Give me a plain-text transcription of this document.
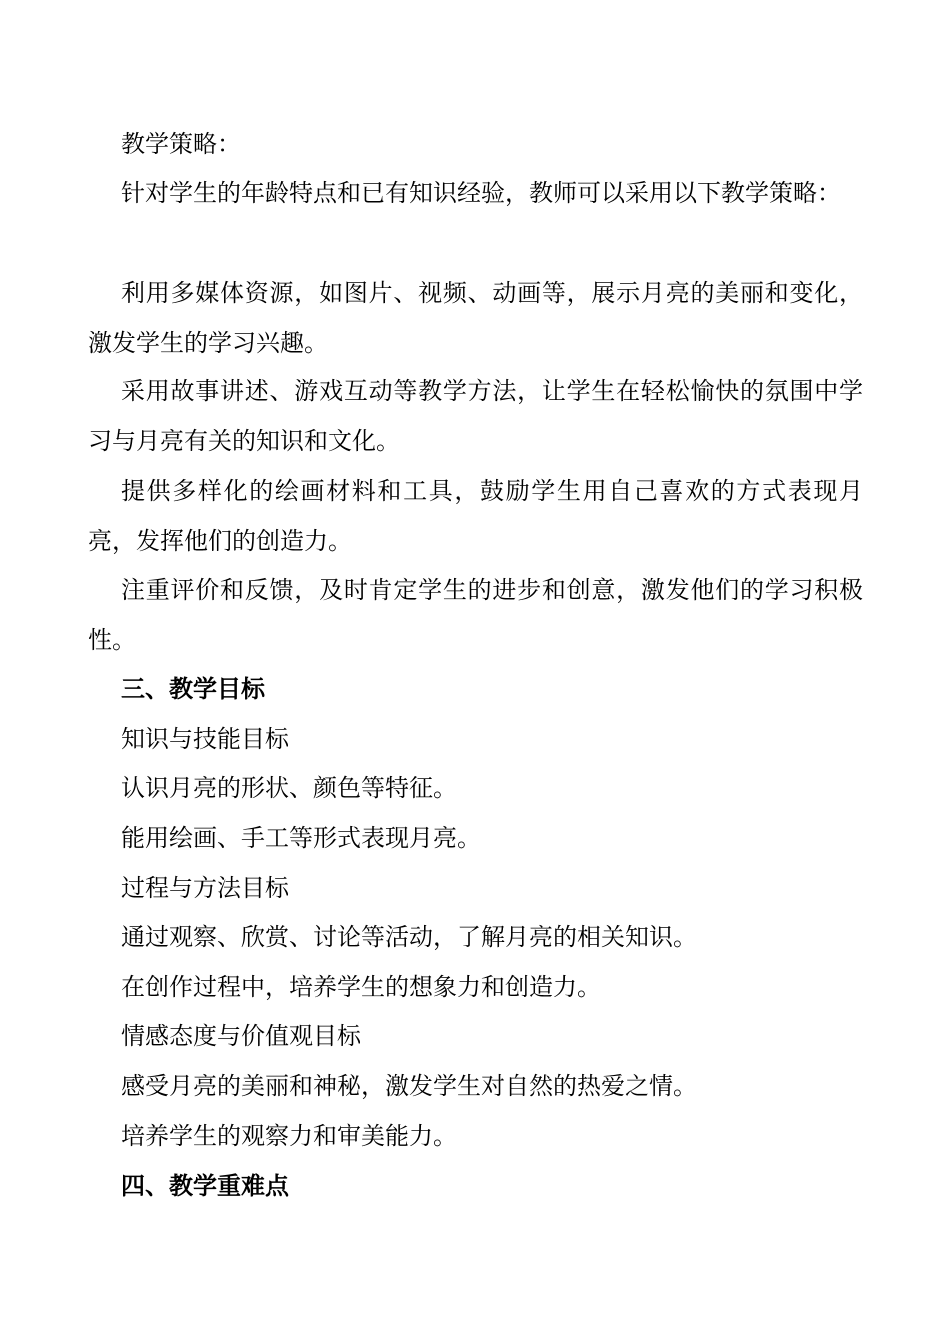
教学策略：

针对学生的年龄特点和已有知识经验，教师可以采用以下教学策略：

利用多媒体资源，如图片、视频、动画等，展示月亮的美丽和变化，激发学生的学习兴趣。

采用故事讲述、游戏互动等教学方法，让学生在轻松愉快的氛围中学习与月亮有关的知识和文化。

提供多样化的绘画材料和工具，鼓励学生用自己喜欢的方式表现月亮，发挥他们的创造力。

注重评价和反馈，及时肯定学生的进步和创意，激发他们的学习积极性。

三、教学目标

知识与技能目标

认识月亮的形状、颜色等特征。

能用绘画、手工等形式表现月亮。

过程与方法目标

通过观察、欣赏、讨论等活动，了解月亮的相关知识。

在创作过程中，培养学生的想象力和创造力。

情感态度与价值观目标

感受月亮的美丽和神秘，激发学生对自然的热爱之情。

培养学生的观察力和审美能力。

四、教学重难点
